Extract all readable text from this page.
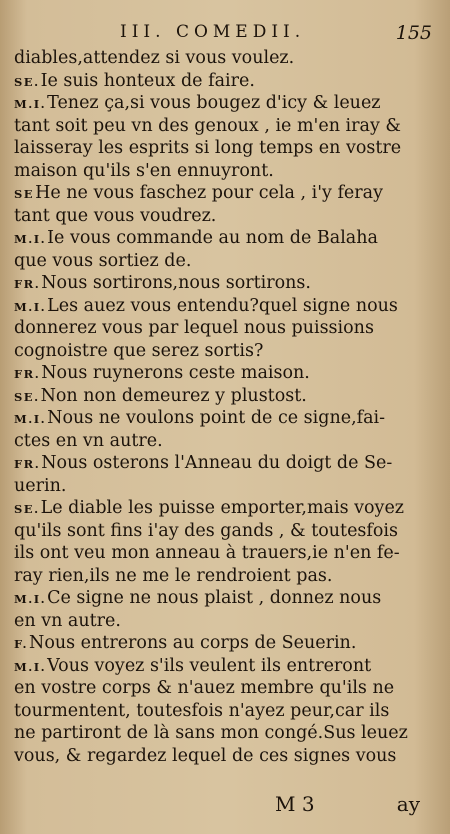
III. COMEDII.	155
diables,attendez si vous voulez.
SE.Ie suis honteux de faire.
M.I.Tenez ça,si vous bougez d'icy & leuez
tant soit peu vn des genoux , ie m'en iray &
laisseray les esprits si long temps en vostre
maison qu'ils s'en ennuyront.
SEHe ne vous faschez pour cela , i'y feray
tant que vous voudrez.
M.I.Ie vous commande au nom de Balaha
que vous sortiez de.
FR.Nous sortirons,nous sortirons.
M.I.Les auez vous entendu?quel signe nous
donnerez vous par lequel nous puissions
cognoistre que serez sortis?
FR.Nous ruynerons ceste maison.
SE.Non non demeurez y plustost.
M.I.Nous ne voulons point de ce signe,fai-
ctes en vn autre.
FR.Nous osterons l'Anneau du doigt de Se-
uerin.
SE.Le diable les puisse emporter,mais voyez
qu'ils sont fins i'ay des gands , & toutesfois
ils ont veu mon anneau à trauers,ie n'en fe-
ray rien,ils ne me le rendroient pas.
M.I.Ce signe ne nous plaist , donnez nous
en vn autre.
F.Nous entrerons au corps de Seuerin.
M.I.Vous voyez s'ils veulent ils entreront
en vostre corps & n'auez membre qu'ils ne
tourmentent, toutesfois n'ayez peur,car ils
ne partiront de là sans mon congé.Sus leuez
vous, & regardez lequel de ces signes vous
M 3	ay
